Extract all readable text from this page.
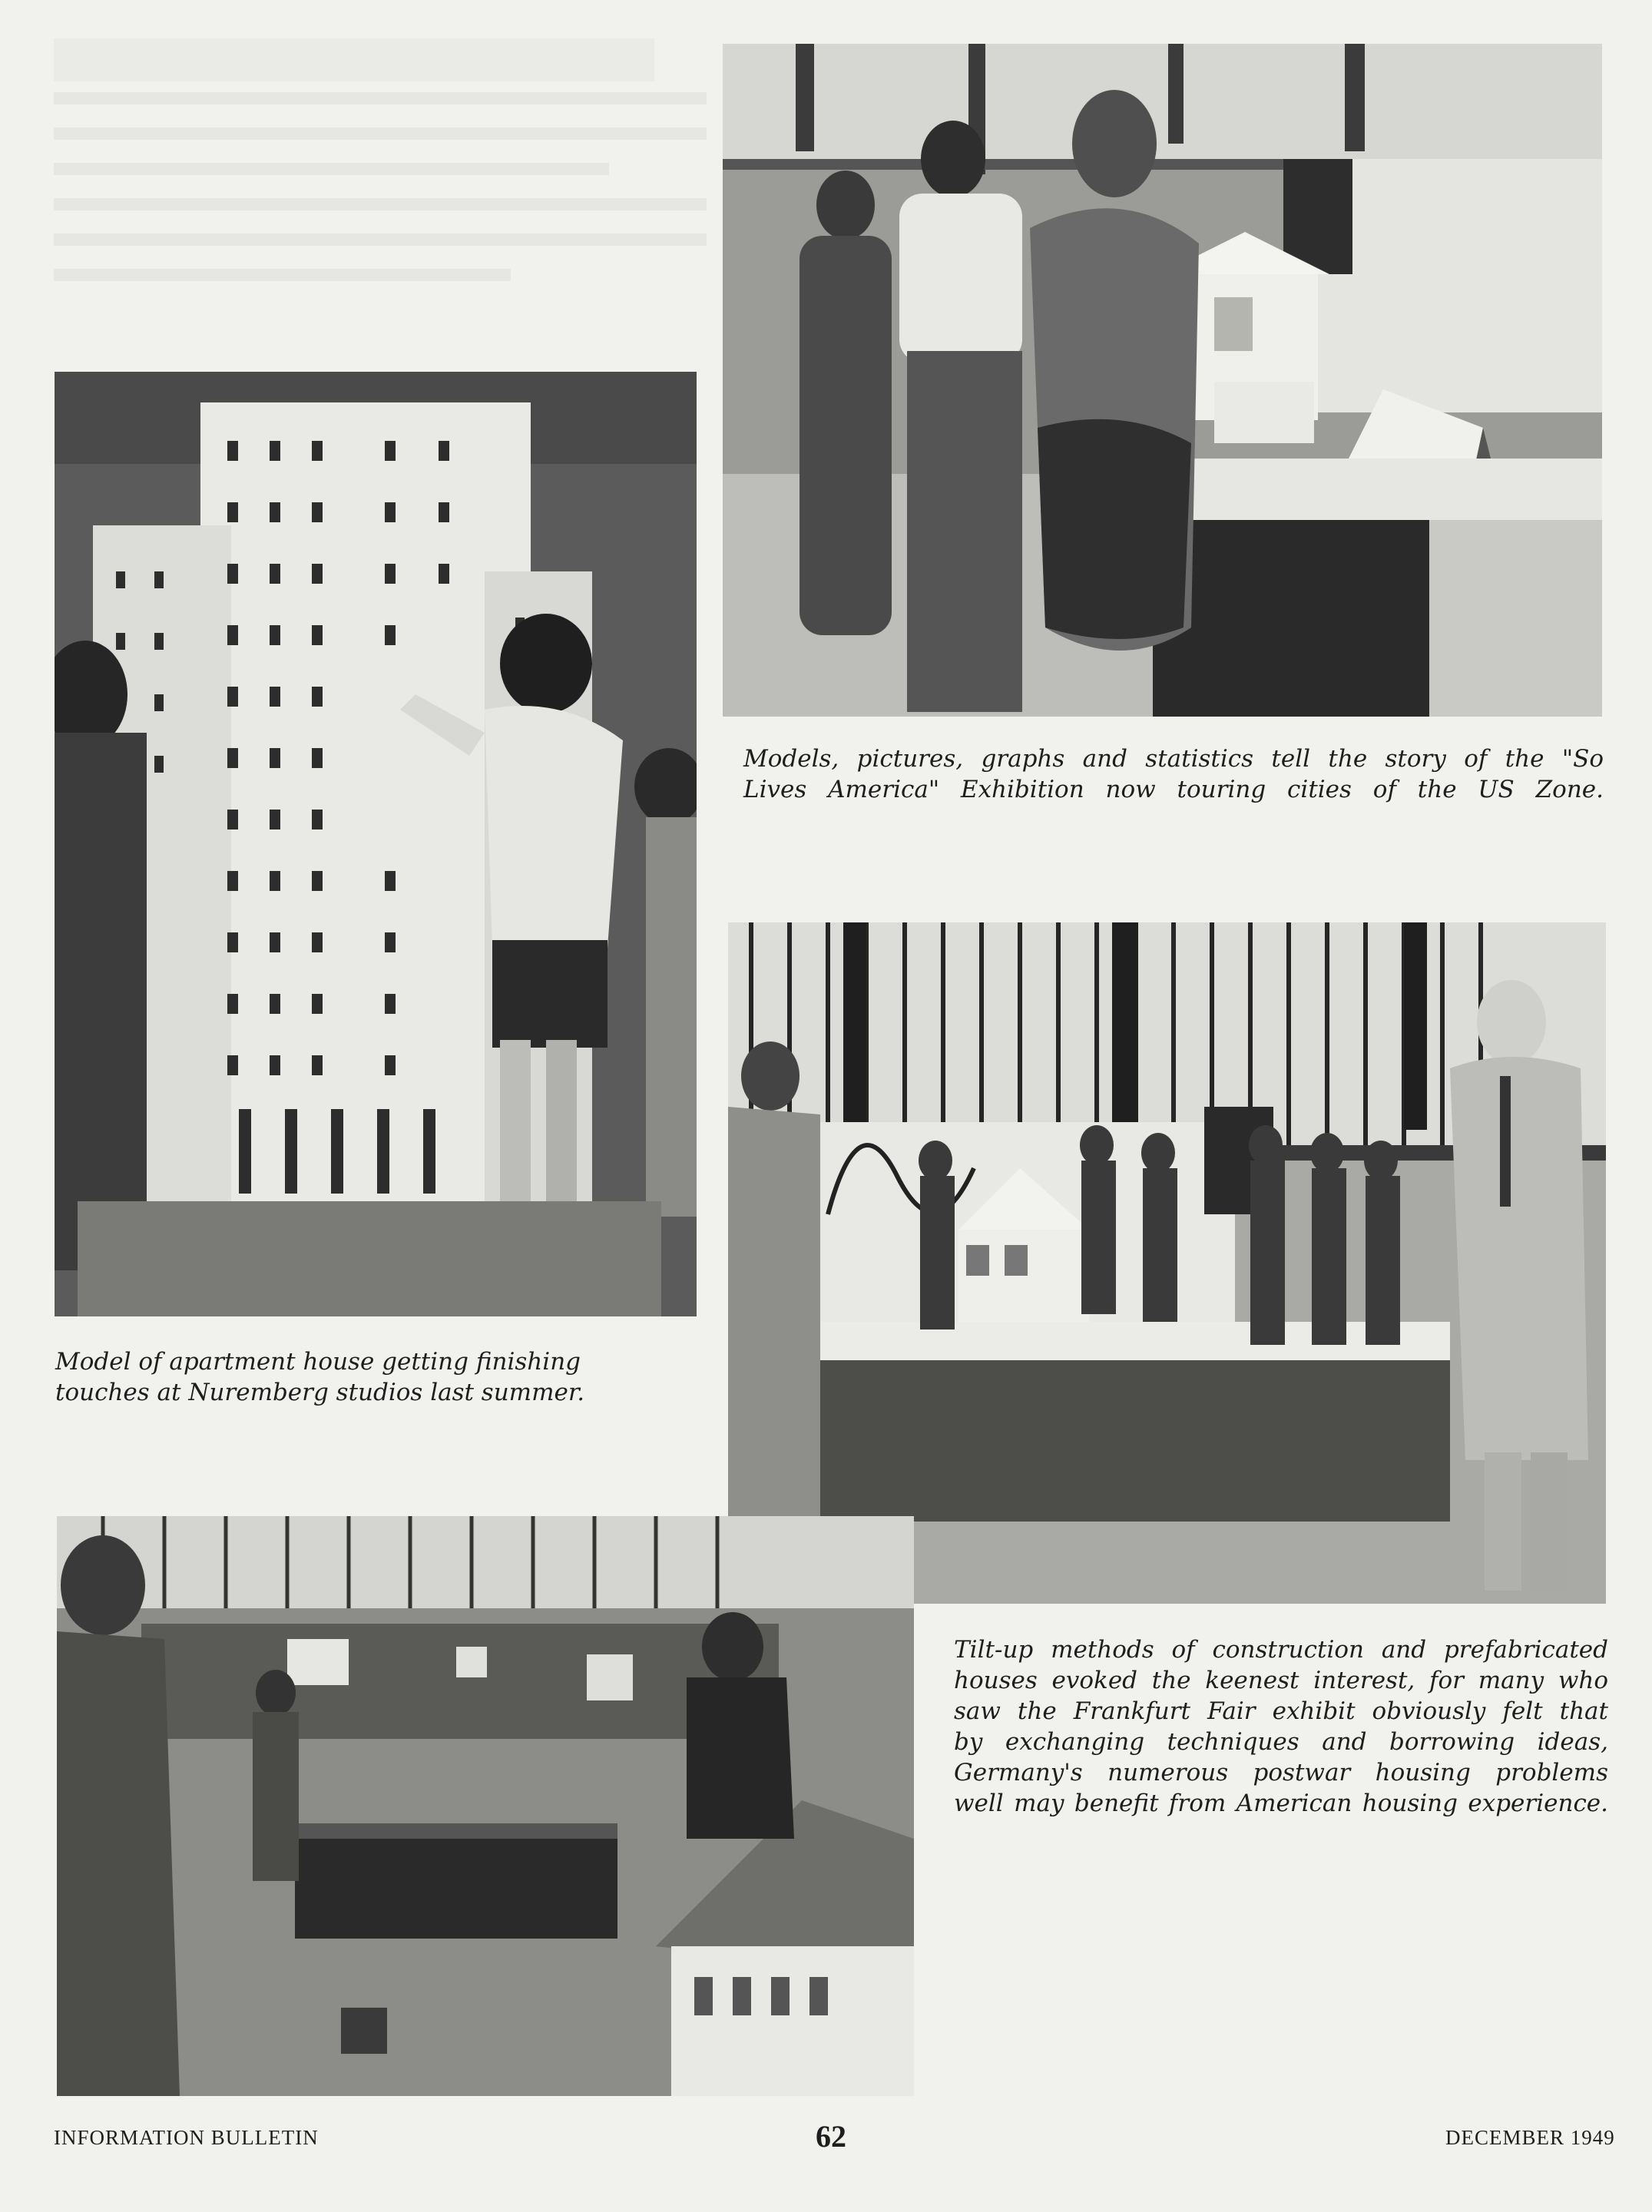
Models, pictures, graphs and statistics tell the story of the "So
Lives America" Exhibition now touring cities of the US Zone.
Model of apartment house getting finishing
touches at Nuremberg studios last summer.
Tilt-up methods of construction and prefabricated
houses evoked the keenest interest, for many who
saw the Frankfurt Fair exhibit obviously felt that
by exchanging techniques and borrowing ideas,
Germany's numerous postwar housing problems
well may benefit from American housing experience.
INFORMATION BULLETIN	62	DECEMBER 1949
